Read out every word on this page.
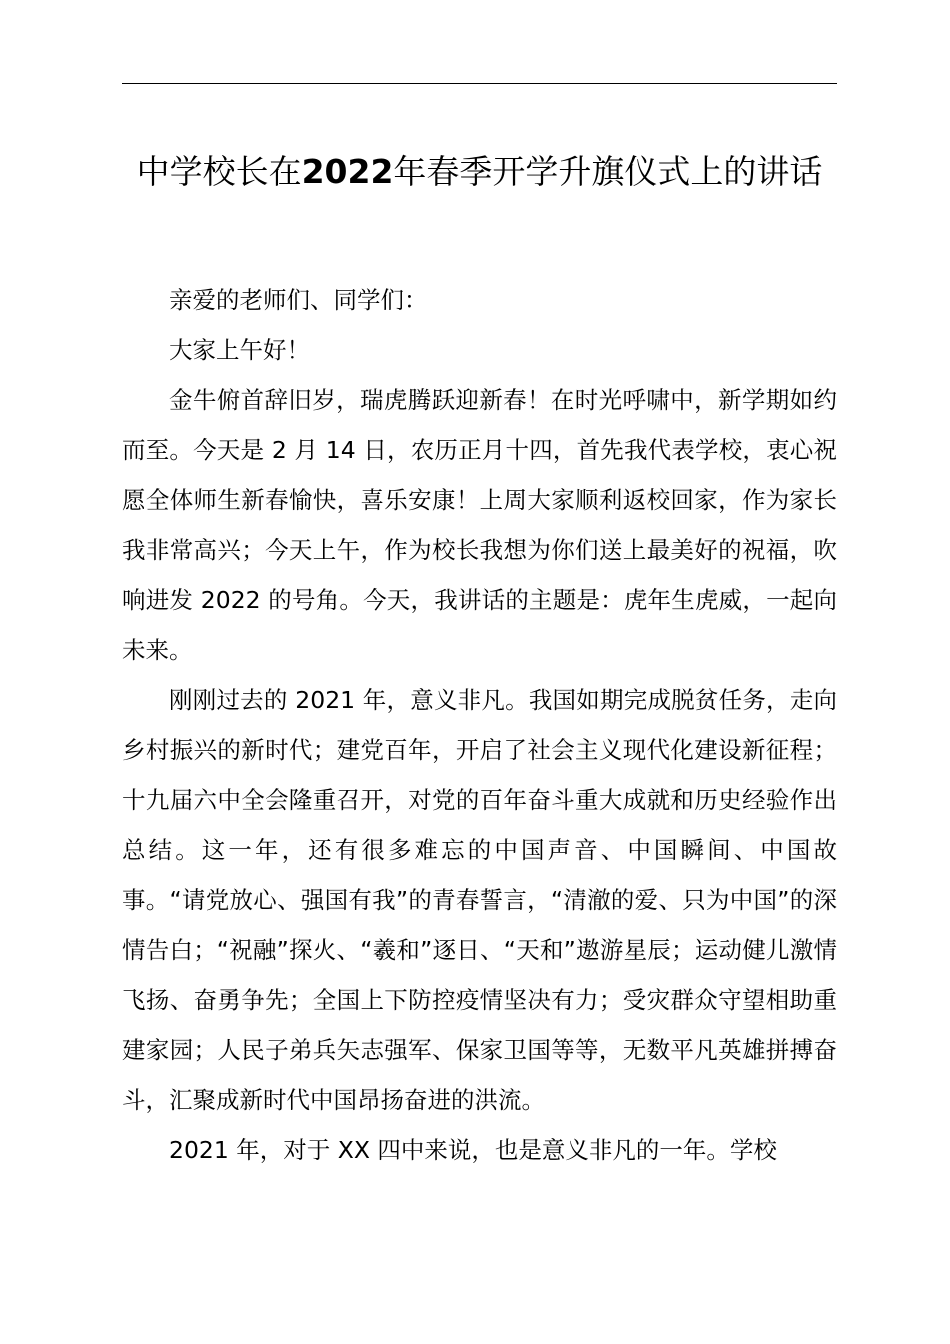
中学校长在2022年春季开学升旗仪式上的讲话

亲爱的老师们、同学们：

大家上午好！

金牛俯首辞旧岁，瑞虎腾跃迎新春！在时光呼啸中，新学期如约而至。今天是 2 月 14 日，农历正月十四，首先我代表学校，衷心祝愿全体师生新春愉快，喜乐安康！上周大家顺利返校回家，作为家长我非常高兴；今天上午，作为校长我想为你们送上最美好的祝福，吹响进发 2022 的号角。今天，我讲话的主题是：虎年生虎威，一起向未来。

刚刚过去的 2021 年，意义非凡。我国如期完成脱贫任务，走向乡村振兴的新时代；建党百年，开启了社会主义现代化建设新征程；十九届六中全会隆重召开，对党的百年奋斗重大成就和历史经验作出总结。这一年，还有很多难忘的中国声音、中国瞬间、中国故事。“请党放心、强国有我”的青春誓言，“清澈的爱、只为中国”的深情告白；“祝融”探火、“羲和”逐日、“天和”遨游星辰；运动健儿激情飞扬、奋勇争先；全国上下防控疫情坚决有力；受灾群众守望相助重建家园；人民子弟兵矢志强军、保家卫国等等，无数平凡英雄拼搏奋斗，汇聚成新时代中国昂扬奋进的洪流。

2021 年，对于 XX 四中来说，也是意义非凡的一年。学校
